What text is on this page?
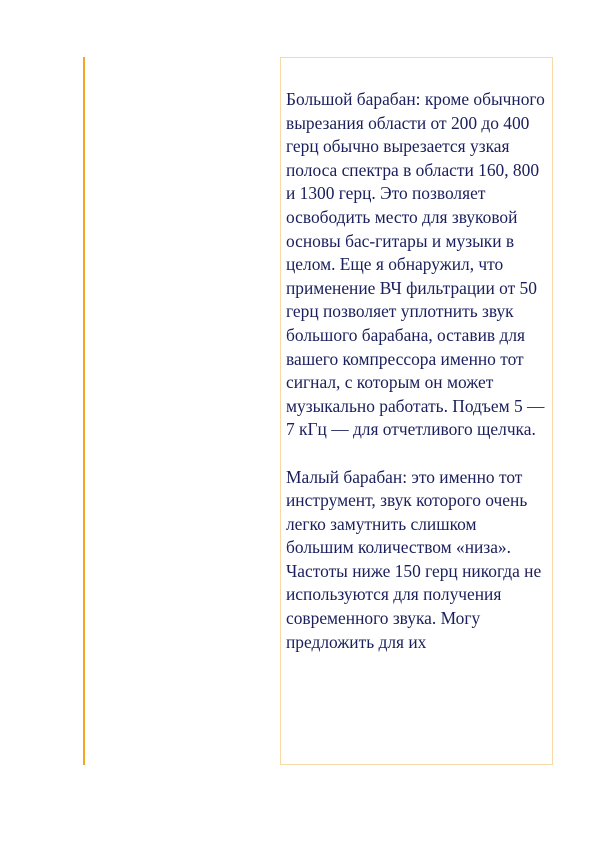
Большой барабан: кроме обычного вырезания области от 200 до 400 герц обычно вырезается узкая полоса спектра в области 160, 800 и 1300 герц. Это позволяет освободить место для звуковой основы бас-гитары и музыки в целом. Еще я обнаружил, что применение ВЧ фильтрации от 50 герц позволяет уплотнить звук большого барабана, оставив для вашего компрессора именно тот сигнал, с которым он может музыкально работать. Подъем 5 — 7 кГц — для отчетливого щелчка.

Малый барабан: это именно тот инструмент, звук которого очень легко замутнить слишком большим количеством «низа». Частоты ниже 150 герц никогда не используются для получения современного звука. Могу предложить для их
